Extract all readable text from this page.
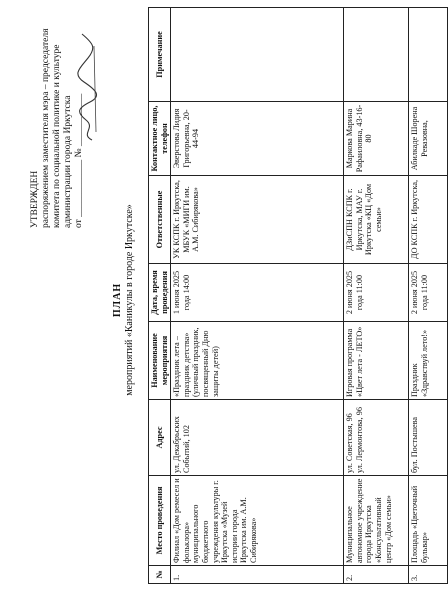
УТВЕРЖДЕН распоряжением заместителя мэра – председателя комитета по социальной политике и культуре администрации города Иркутска от ____________ № ___________
ПЛАН мероприятий «Каникулы в городе Иркутске»
№	Место проведения	Адрес	Наименование мероприятия	Дата, время проведения	Ответственные	Контактное лицо, телефон	Примечание
1.	Филиал «Дом ремесел и фольклора» муниципального бюджетного учреждения культуры г. Иркутска «Музей истории города Иркутска им. А.М. Сибирякова»	ул. Декабрьских Событий, 102	«Праздник лета – праздник детства» (уличный праздник, посвященный Дню защиты детей)	1 июня 2025 года 14:00	УК КСПК г. Иркутска, МБУК «МИГИ им. А.М. Сибирякова»	Эверстова Лидия Григорьевна, 20-44-94	
2.	Муниципальное автономное учреждение города Иркутска «Консультативный центр «Дом семьи»	ул. Советская, 96 ул. Лермонтова, 96	Игровая программа «Цвет лета - ЛЕТО»	2 июня 2025 года 11:00	ДЗиСПН КСПК г. Иркутска, МАУ г. Иркутска «КЦ «Дом семьи»	Маркова Марина Рафаиловна, 43-16-80	
3.	Площадь «Цветочный бульвар»	бул. Постышева	Праздник «Здравствуй лето!»	2 июня 2025 года 11:00	ДО КСПК г. Иркутска,	Абилкаде Шорена Ревазовна,	
